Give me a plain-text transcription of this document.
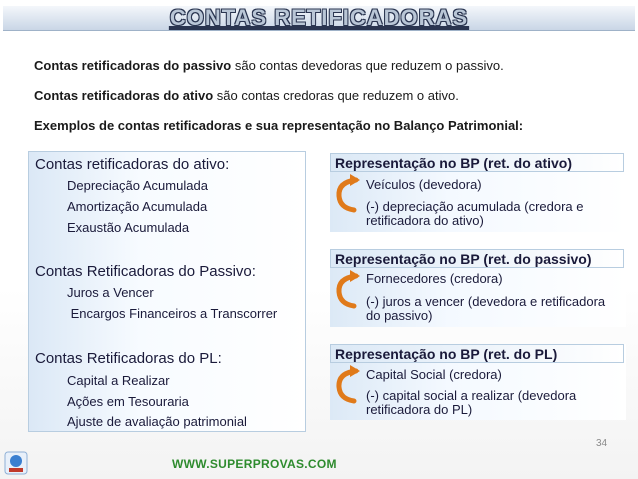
CONTAS RETIFICADORAS
Contas retificadoras do passivo são contas devedoras que reduzem o passivo.
Contas retificadoras do ativo são contas credoras que reduzem o ativo.
Exemplos de contas retificadoras e sua representação no Balanço Patrimonial:
Contas retificadoras do ativo:
Depreciação Acumulada
Amortização Acumulada
Exaustão Acumulada
Contas Retificadoras do Passivo:
Juros a Vencer
Encargos Financeiros a Transcorrer
Contas Retificadoras do PL:
Capital a Realizar
Ações em Tesouraria
Ajuste de avaliação patrimonial
Representação no BP (ret. do ativo)
Veículos (devedora)
(-) depreciação acumulada (credora e retificadora do ativo)
Representação no BP (ret. do passivo)
Fornecedores (credora)
(-) juros a vencer (devedora e retificadora do passivo)
Representação no BP (ret. do PL)
Capital Social (credora)
(-) capital social a realizar (devedora retificadora do PL)
34
WWW.SUPERPROVAS.COM
